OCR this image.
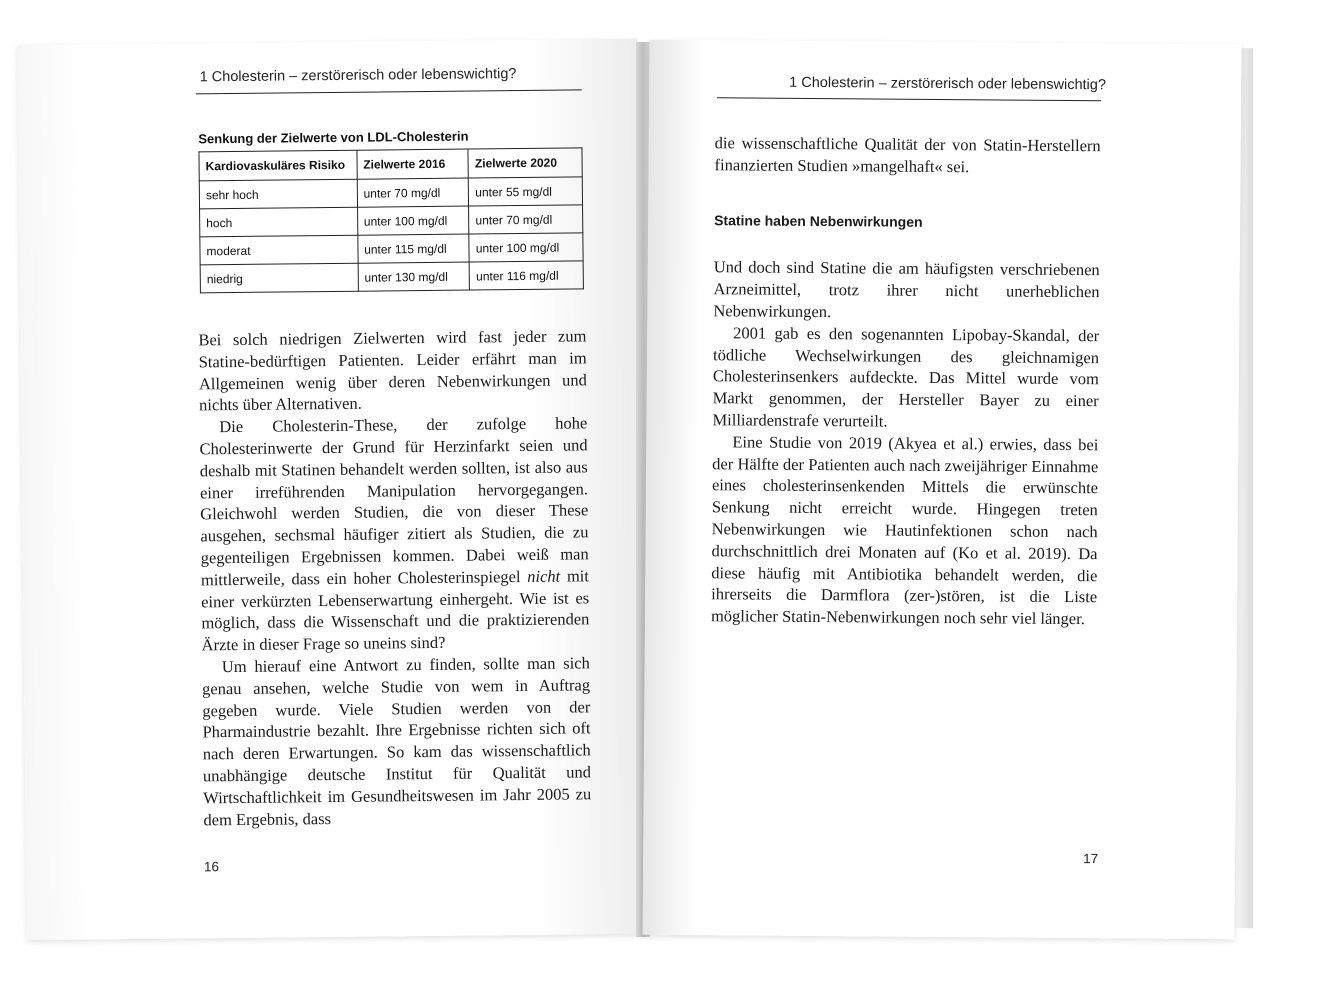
1 Cholesterin – zerstörerisch oder lebenswichtig?
Senkung der Zielwerte von LDL-Cholesterin
Kardiovaskuläres Risiko	Zielwerte 2016	Zielwerte 2020
sehr hoch	unter 70 mg/dl	unter 55 mg/dl
hoch	unter 100 mg/dl	unter 70 mg/dl
moderat	unter 115 mg/dl	unter 100 mg/dl
niedrig	unter 130 mg/dl	unter 116 mg/dl

Bei solch niedrigen Zielwerten wird fast jeder zum Statine-bedürftigen Patienten. Leider erfährt man im Allgemeinen wenig über deren Nebenwirkungen und nichts über Alternativen.

Die Cholesterin-These, der zufolge hohe Cholesterinwerte der Grund für Herzinfarkt seien und deshalb mit Statinen behandelt werden sollten, ist also aus einer irreführenden Manipulation hervorgegangen. Gleichwohl werden Studien, die von dieser These ausgehen, sechsmal häufiger zitiert als Studien, die zu gegenteiligen Ergebnissen kommen. Dabei weiß man mittlerweile, dass ein hoher Cholesterinspiegel nicht mit einer verkürzten Lebenserwartung einhergeht. Wie ist es möglich, dass die Wissenschaft und die praktizierenden Ärzte in dieser Frage so uneins sind?

Um hierauf eine Antwort zu finden, sollte man sich genau ansehen, welche Studie von wem in Auftrag gegeben wurde. Viele Studien werden von der Pharmaindustrie bezahlt. Ihre Ergebnisse richten sich oft nach deren Erwartungen. So kam das wissenschaftlich unabhängige deutsche Institut für Qualität und Wirtschaftlichkeit im Gesundheitswesen im Jahr 2005 zu dem Ergebnis, dass

16
1 Cholesterin – zerstörerisch oder lebenswichtig?

die wissenschaftliche Qualität der von Statin-Herstellern finanzierten Studien »mangelhaft« sei.

Statine haben Nebenwirkungen

Und doch sind Statine die am häufigsten verschriebenen Arzneimittel, trotz ihrer nicht unerheblichen Nebenwirkungen.

2001 gab es den sogenannten Lipobay-Skandal, der tödliche Wechselwirkungen des gleichnamigen Cholesterinsenkers aufdeckte. Das Mittel wurde vom Markt genommen, der Hersteller Bayer zu einer Milliardenstrafe verurteilt.

Eine Studie von 2019 (Akyea et al.) erwies, dass bei der Hälfte der Patienten auch nach zweijähriger Einnahme eines cholesterinsenkenden Mittels die erwünschte Senkung nicht erreicht wurde. Hingegen treten Nebenwirkungen wie Hautinfektionen schon nach durchschnittlich drei Monaten auf (Ko et al. 2019). Da diese häufig mit Antibiotika behandelt werden, die ihrerseits die Darmflora (zer-)stören, ist die Liste möglicher Statin-Nebenwirkungen noch sehr viel länger.

17
